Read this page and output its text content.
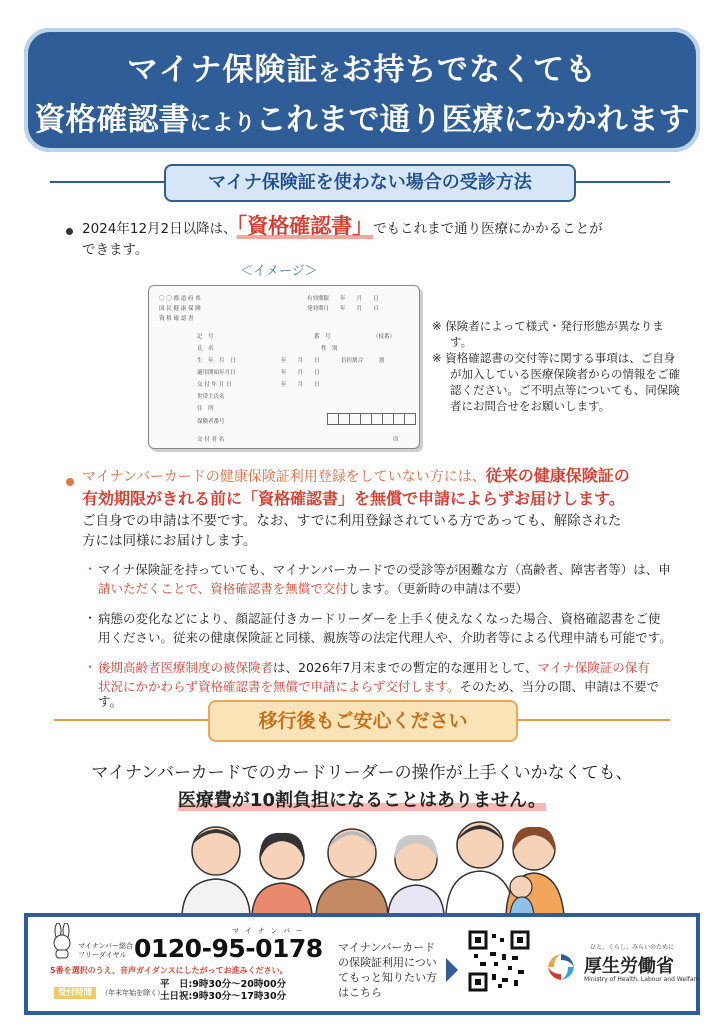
マイナ保険証をお持ちでなくても
資格確認書によりこれまで通り医療にかかれます
マイナ保険証を使わない場合の受診方法
2024年12月2日以降は、「資格確認書」でもこれまで通り医療にかかることが
できます。
＜イメージ＞
〇 〇 都 道 府 県
国 民 健 康 保 険
資 格 確 認 書
有効期限　　年　　月　　日
発効期日　　年　　月　　日
記　号	番　号	（枝番）
氏　名	性　別
生　年　月　日	年　　月　　日	負担割合	割
適用開始年月日	年　　月　　日
交 付 年 月 日	年　　月　　日
世帯主氏名
住　所
保険者番号
交 付 者 名	印

※ 保険者によって様式・発行形態が異なります。

※ 資格確認書の交付等に関する事項は、ご自身が加入している医療保険者からの情報をご確認ください。ご不明点等についても、同保険者にお問合せをお願いします。

マイナンバーカードの健康保険証利用登録をしていない方には、従来の健康保険証の
有効期限がきれる前に「資格確認書」を無償で申請によらずお届けします。
ご自身での申請は不要です。なお、すでに利用登録されている方であっても、解除された
方には同様にお届けします。
・ マイナ保険証を持っていても、マイナンバーカードでの受診等が困難な方（高齢者、障害者等）は、申
請いただくことで、資格確認書を無償で交付します。（更新時の申請は不要）
・ 病態の変化などにより、顔認証付きカードリーダーを上手く使えなくなった場合、資格確認書をご使
用ください。従来の健康保険証と同様、親族等の法定代理人や、介助者等による代理申請も可能です。
・ 後期高齢者医療制度の被保険者は、2026年7月末までの暫定的な運用として、マイナ保険証の保有
状況にかかわらず資格確認書を無償で申請によらず交付します。そのため、当分の間、申請は不要で
す。
移行後もご安心ください
マイナンバーカードでのカードリーダーの操作が上手くいかなくても、
医療費が10割負担になることはありません。
マイナンバー総合
フリーダイヤル
マイナンバー
0120-95-0178
5番を選択のうえ、音声ガイダンスにしたがってお進みください。
受付時間 （年末年始を除く）
平　日:9時30分～20時00分
土日祝:9時30分～17時30分
マイナンバーカード
の保険証利用につい
てもっと知りたい方
はこちら
ひと、くらし、みらいのために
厚生労働省
Ministry of Health, Labour and Welfare
